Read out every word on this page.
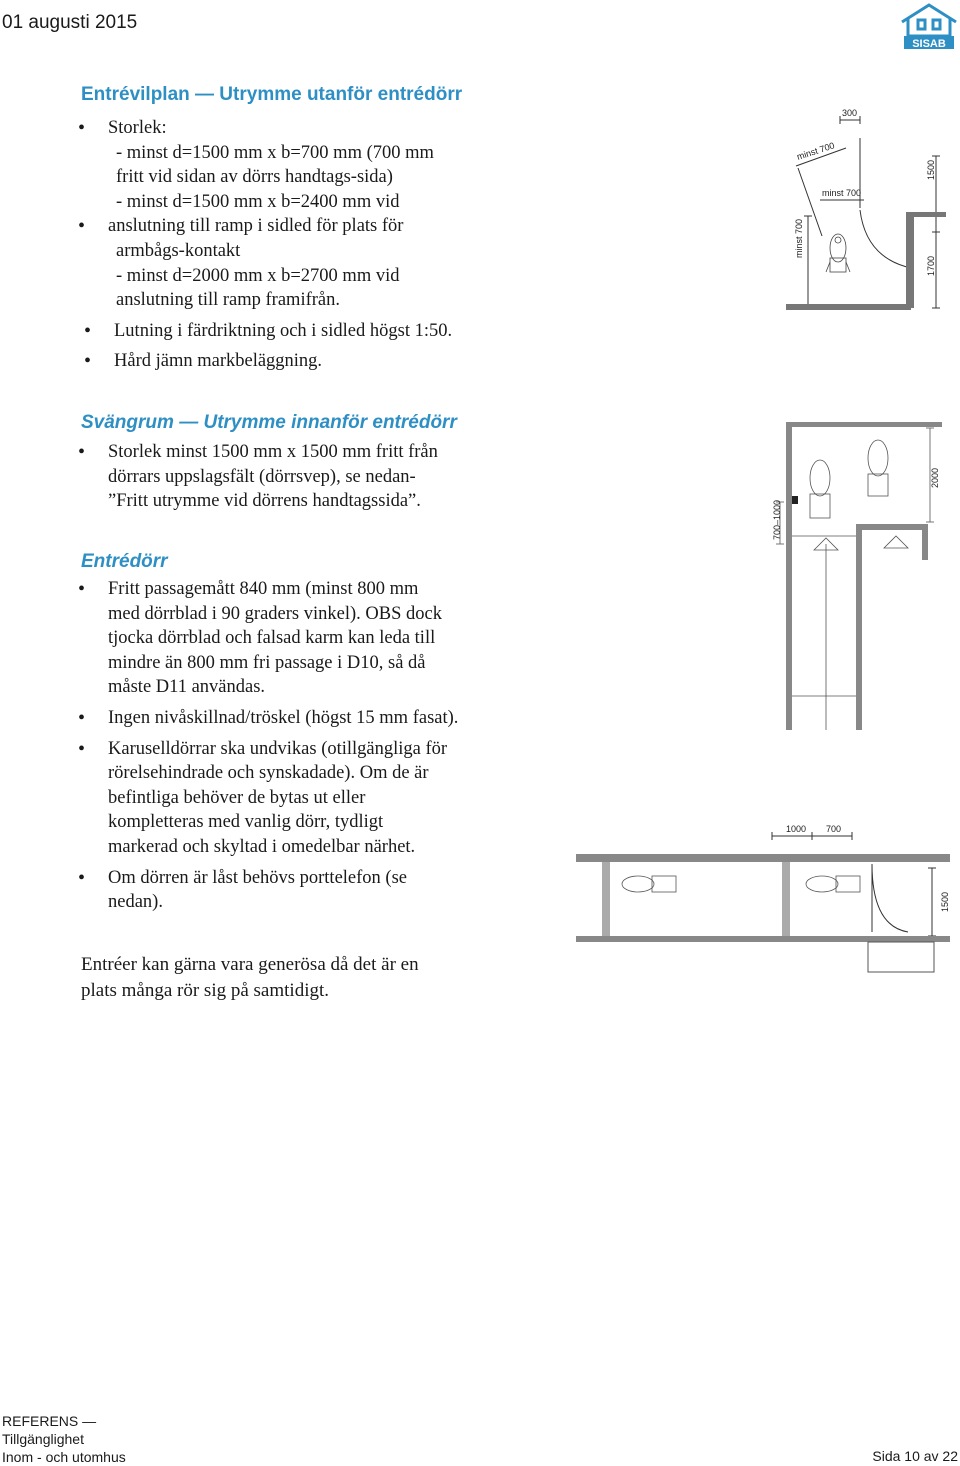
01 augusti 2015
SISAB
Entrévilplan — Utrymme utanför entrédörr
• Storlek:
- minst d=1500 mm x b=700 mm (700 mm
fritt vid sidan av dörrs handtags-sida)
- minst d=1500 mm x b=2400 mm vid
• anslutning till ramp i sidled för plats för
armbågs-kontakt
- minst d=2000 mm x b=2700 mm vid
anslutning till ramp framifrån.
• Lutning i färdriktning och i sidled högst 1:50.
• Hård jämn markbeläggning.
Svängrum — Utrymme innanför entrédörr
• Storlek minst 1500 mm x 1500 mm fritt från
dörrars uppslagsfält (dörrsvep), se nedan-
”Fritt utrymme vid dörrens handtagssida”.
Entrédörr
• Fritt passagemått 840 mm (minst 800 mm
med dörrblad i 90 graders vinkel). OBS dock
tjocka dörrblad och falsad karm kan leda till
mindre än 800 mm fri passage i D10, så då
måste D11 användas.
• Ingen nivåskillnad/tröskel (högst 15 mm fasat).
• Karuselldörrar ska undvikas (otillgängliga för
rörelsehindrade och synskadade). Om de är
befintliga behöver de bytas ut eller
kompletteras med vanlig dörr, tydligt
markerad och skyltad i omedelbar närhet.
• Om dörren är låst behövs porttelefon (se
nedan).
Entréer kan gärna vara generösa då det är en
plats många rör sig på samtidigt.
300
minst 700
minst 700
minst 700
1500
1700
700–1000
2000
1000 700
1500
REFERENS —
Tillgänglighet
Inom - och utomhus	Sida 10 av 22
